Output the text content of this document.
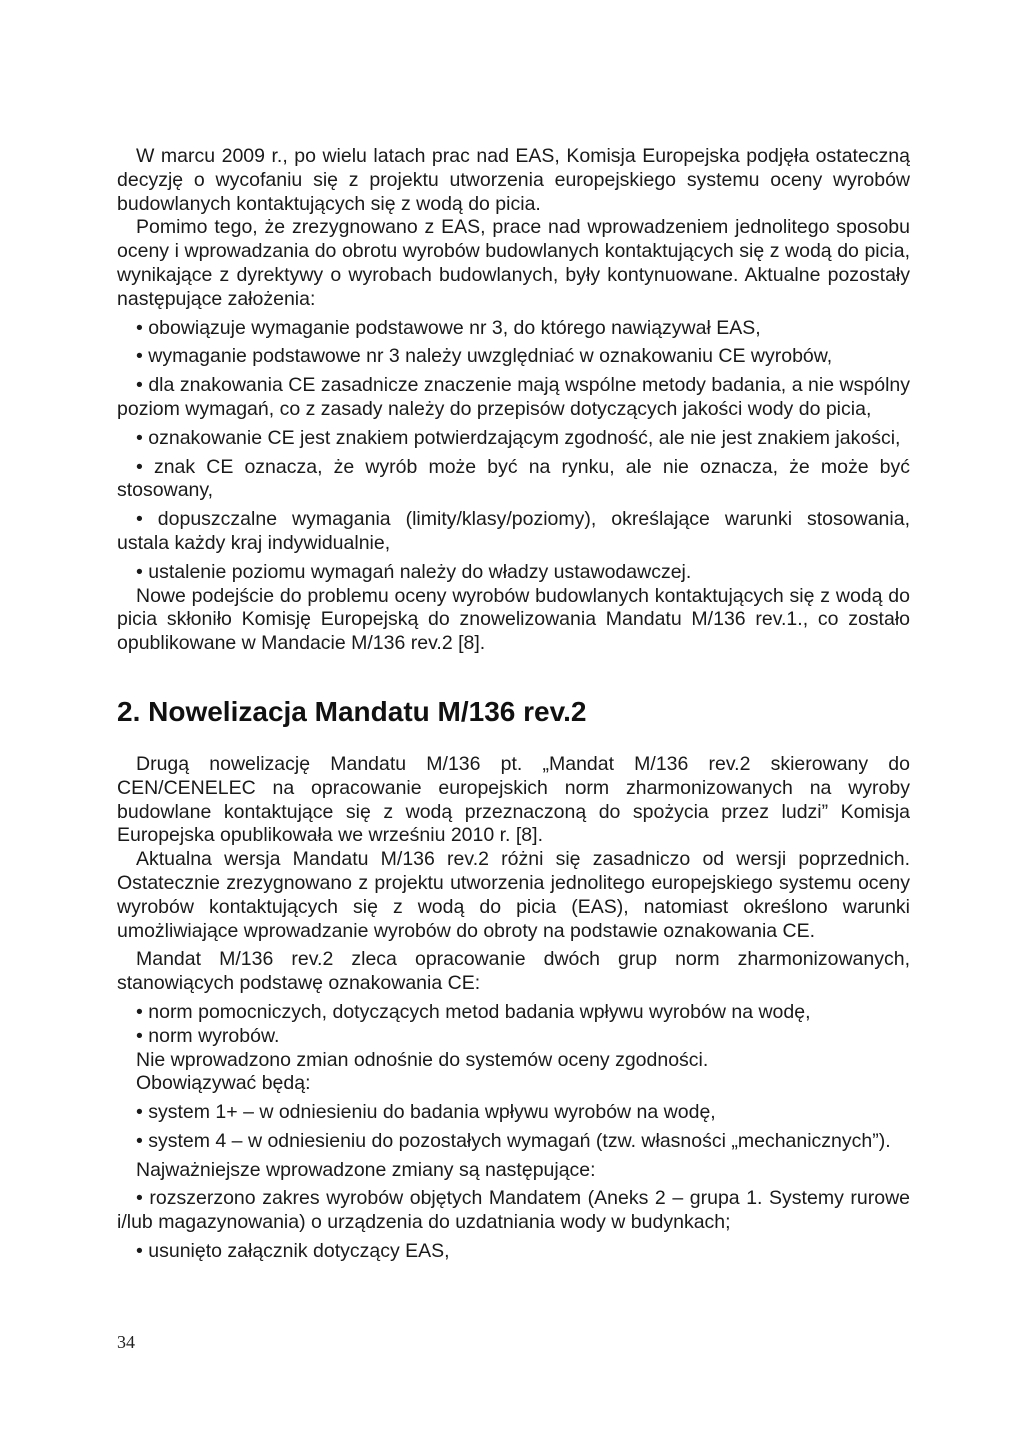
W marcu 2009 r., po wielu latach prac nad EAS, Komisja Europejska podjęła ostateczną decyzję o wycofaniu się z projektu utworzenia europejskiego systemu oceny wyrobów budowlanych kontaktujących się z wodą do picia.

Pomimo tego, że zrezygnowano z EAS, prace nad wprowadzeniem jednolitego sposobu oceny i wprowadzania do obrotu wyrobów budowlanych kontaktujących się z wodą do picia, wynikające z dyrektywy o wyrobach budowlanych, były kontynuowane. Aktualne pozostały następujące założenia:

• obowiązuje wymaganie podstawowe nr 3, do którego nawiązywał EAS,

• wymaganie podstawowe nr 3 należy uwzględniać w oznakowaniu CE wyrobów,

• dla znakowania CE zasadnicze znaczenie mają wspólne metody badania, a nie wspólny poziom wymagań, co z zasady należy do przepisów dotyczących jakości wody do picia,

• oznakowanie CE jest znakiem potwierdzającym zgodność, ale nie jest znakiem jakości,

• znak CE oznacza, że wyrób może być na rynku, ale nie oznacza, że może być stosowany,

• dopuszczalne wymagania (limity/klasy/poziomy), określające warunki stosowania, ustala każdy kraj indywidualnie,

• ustalenie poziomu wymagań należy do władzy ustawodawczej.

Nowe podejście do problemu oceny wyrobów budowlanych kontaktujących się z wodą do picia skłoniło Komisję Europejską do znowelizowania Mandatu M/136 rev.1., co zostało opublikowane w Mandacie M/136 rev.2 [8].

2. Nowelizacja Mandatu M/136 rev.2

Drugą nowelizację Mandatu M/136 pt. „Mandat M/136 rev.2 skierowany do CEN/CENELEC na opracowanie europejskich norm zharmonizowanych na wyroby budowlane kontaktujące się z wodą przeznaczoną do spożycia przez ludzi” Komisja Europejska opublikowała we wrześniu 2010 r. [8].

Aktualna wersja Mandatu M/136 rev.2 różni się zasadniczo od wersji poprzednich. Ostatecznie zrezygnowano z projektu utworzenia jednolitego europejskiego systemu oceny wyrobów kontaktujących się z wodą do picia (EAS), natomiast określono warunki umożliwiające wprowadzanie wyrobów do obroty na podstawie oznakowania CE.

Mandat M/136 rev.2 zleca opracowanie dwóch grup norm zharmonizowanych, stanowiących podstawę oznakowania CE:

• norm pomocniczych, dotyczących metod badania wpływu wyrobów na wodę,

• norm wyrobów.

Nie wprowadzono zmian odnośnie do systemów oceny zgodności.

Obowiązywać będą:

• system 1+ – w odniesieniu do badania wpływu wyrobów na wodę,

• system 4 – w odniesieniu do pozostałych wymagań (tzw. własności „mechanicznych”).

Najważniejsze wprowadzone zmiany są następujące:

• rozszerzono zakres wyrobów objętych Mandatem (Aneks 2 – grupa 1. Systemy rurowe i/lub magazynowania) o urządzenia do uzdatniania wody w budynkach;

• usunięto załącznik dotyczący EAS,

34
